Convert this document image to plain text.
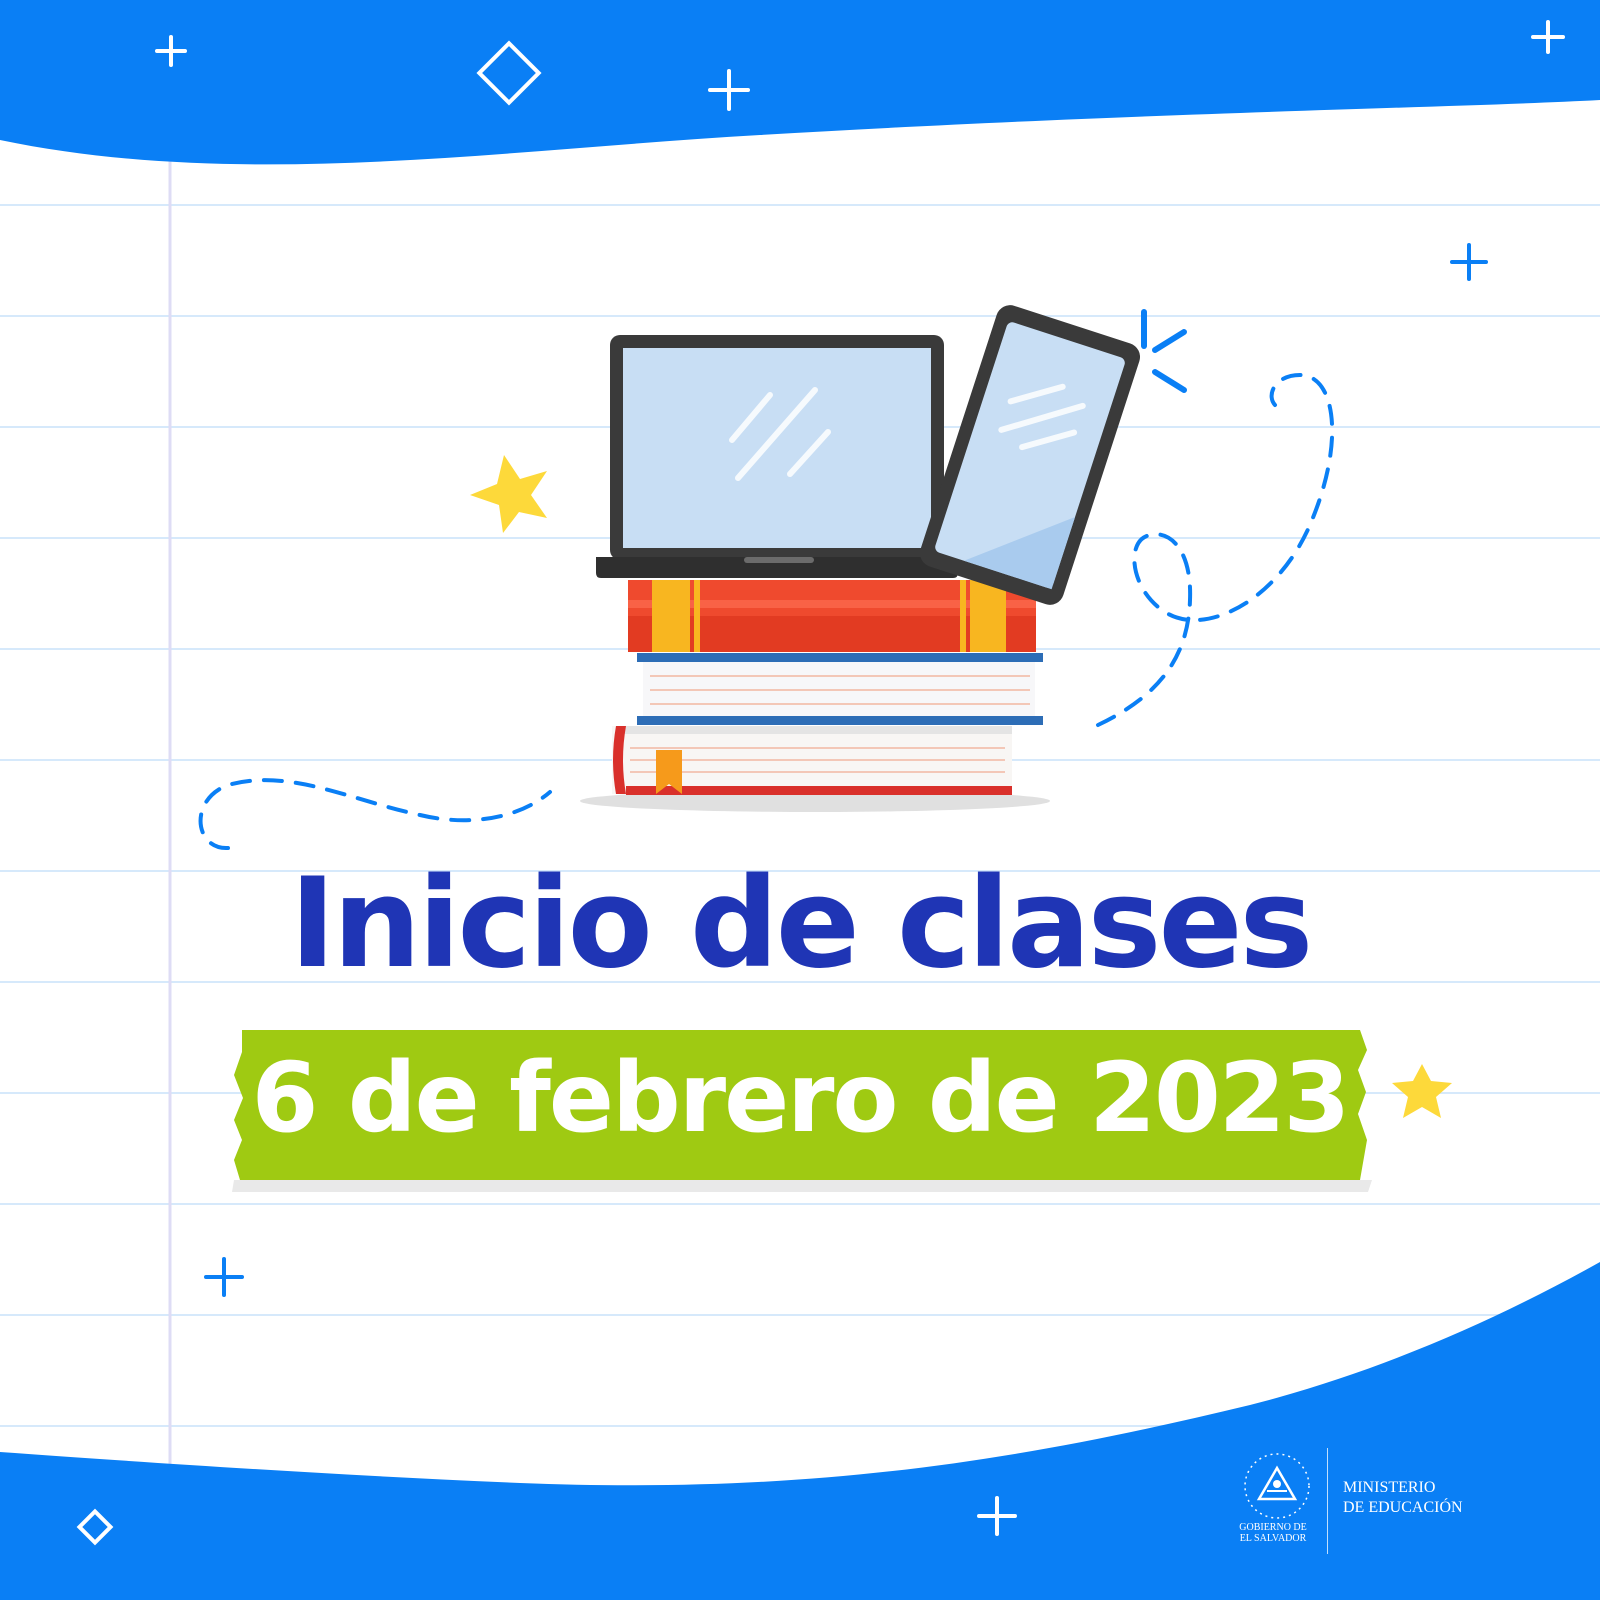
Inicio de clases
6 de febrero de 2023
GOBIERNO DE
EL SALVADOR
MINISTERIO
DE EDUCACIÓN
